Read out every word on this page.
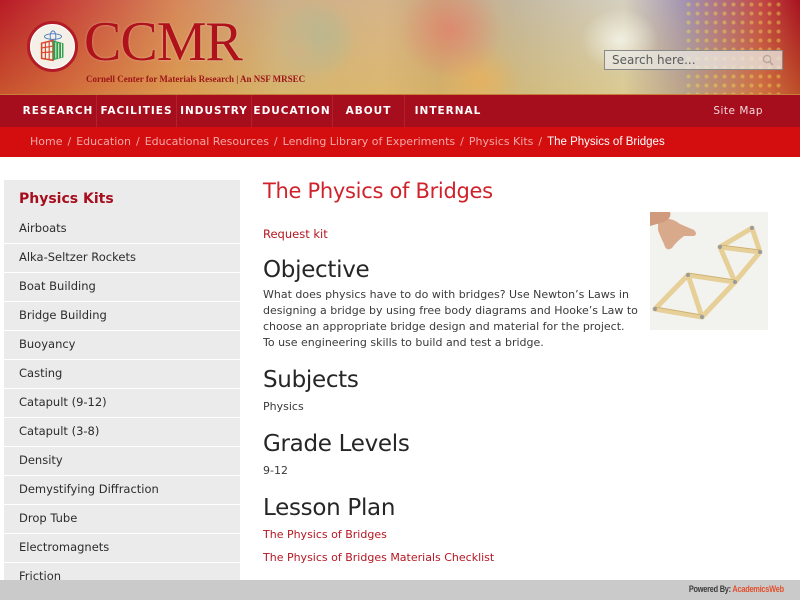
CCMR
Cornell Center for Materials Research | An NSF MRSEC
Search here...
RESEARCH FACILITIES INDUSTRY EDUCATION	ABOUT	INTERNAL	Site Map
Home / Education / Educational Resources / Lending Library of Experiments / Physics Kits / The Physics of Bridges
Physics Kits
Airboats
Alka-Seltzer Rockets
Boat Building
Bridge Building
Buoyancy
Casting
Catapult (9-12)
Catapult (3-8)
Density
Demystifying Diffraction
Drop Tube
Electromagnets
Friction
The Physics of Bridges
Request kit
Objective

What does physics have to do with bridges? Use Newton’s Laws in designing a bridge by using free body diagrams and Hooke’s Law to choose an appropriate bridge design and material for the project. To use engineering skills to build and test a bridge.

Subjects

Physics

Grade Levels

9-12

Lesson Plan
The Physics of Bridges
The Physics of Bridges Materials Checklist
Powered By: AcademicsWeb
